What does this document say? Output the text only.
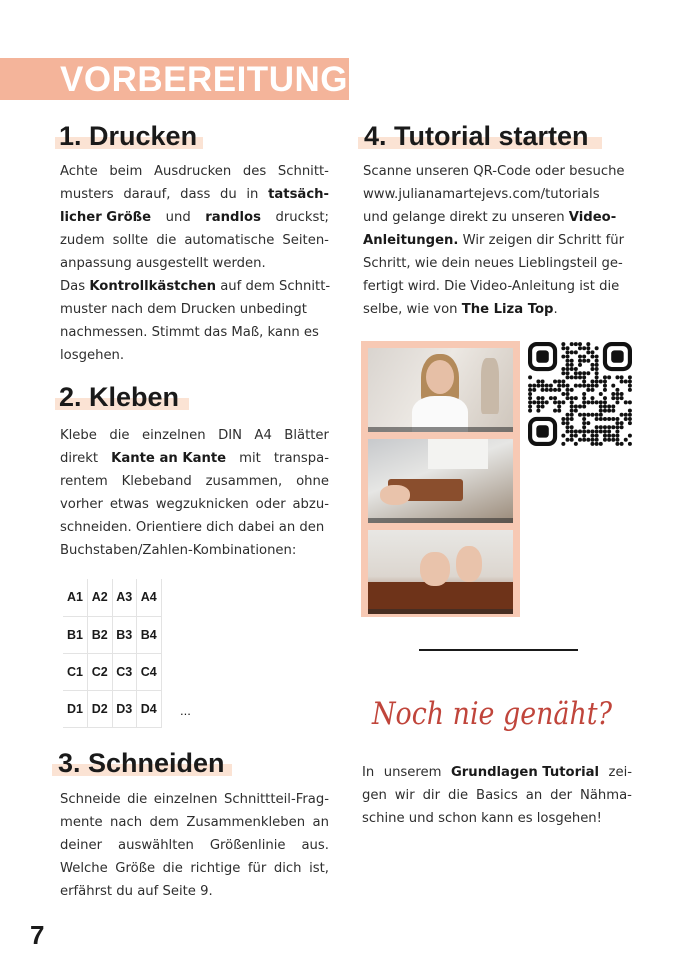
VORBEREITUNG
1. Drucken

Achte beim Ausdrucken des Schnitt-

musters darauf, dass du in tatsäch-

licher Größe und randlos druckst;

zudem sollte die automatische Seiten-

anpassung ausgestellt werden.

Das Kontrollkästchen auf dem Schnitt-

muster nach dem Drucken unbedingt

nachmessen. Stimmt das Maß, kann es

losgehen.

2. Kleben

Klebe die einzelnen DIN A4 Blätter

direkt Kante an Kante mit transpa-

rentem Klebeband zusammen, ohne

vorher etwas wegzuknicken oder abzu-

schneiden. Orientiere dich dabei an den

Buchstaben/Zahlen-Kombinationen:

A1	A2	A3	A4
B1	B2	B3	B4
C1	C2	C3	C4
D1	D2	D3	D4 ...
3. Schneiden

Schneide die einzelnen Schnittteil-Frag-

mente nach dem Zusammenkleben an

deiner auswählten Größenlinie aus.

Welche Größe die richtige für dich ist,

erfährst du auf Seite 9.

4. Tutorial starten

Scanne unseren QR-Code oder besuche

www.julianamartejevs.com/tutorials

und gelange direkt zu unseren Video-

Anleitungen. Wir zeigen dir Schritt für

Schritt, wie dein neues Lieblingsteil ge-

fertigt wird. Die Video-Anleitung ist die

selbe, wie von The Liza Top.

Noch nie genäht?

In unserem Grundlagen Tutorial zei-

gen wir dir die Basics an der Nähma-

schine und schon kann es losgehen!

7
